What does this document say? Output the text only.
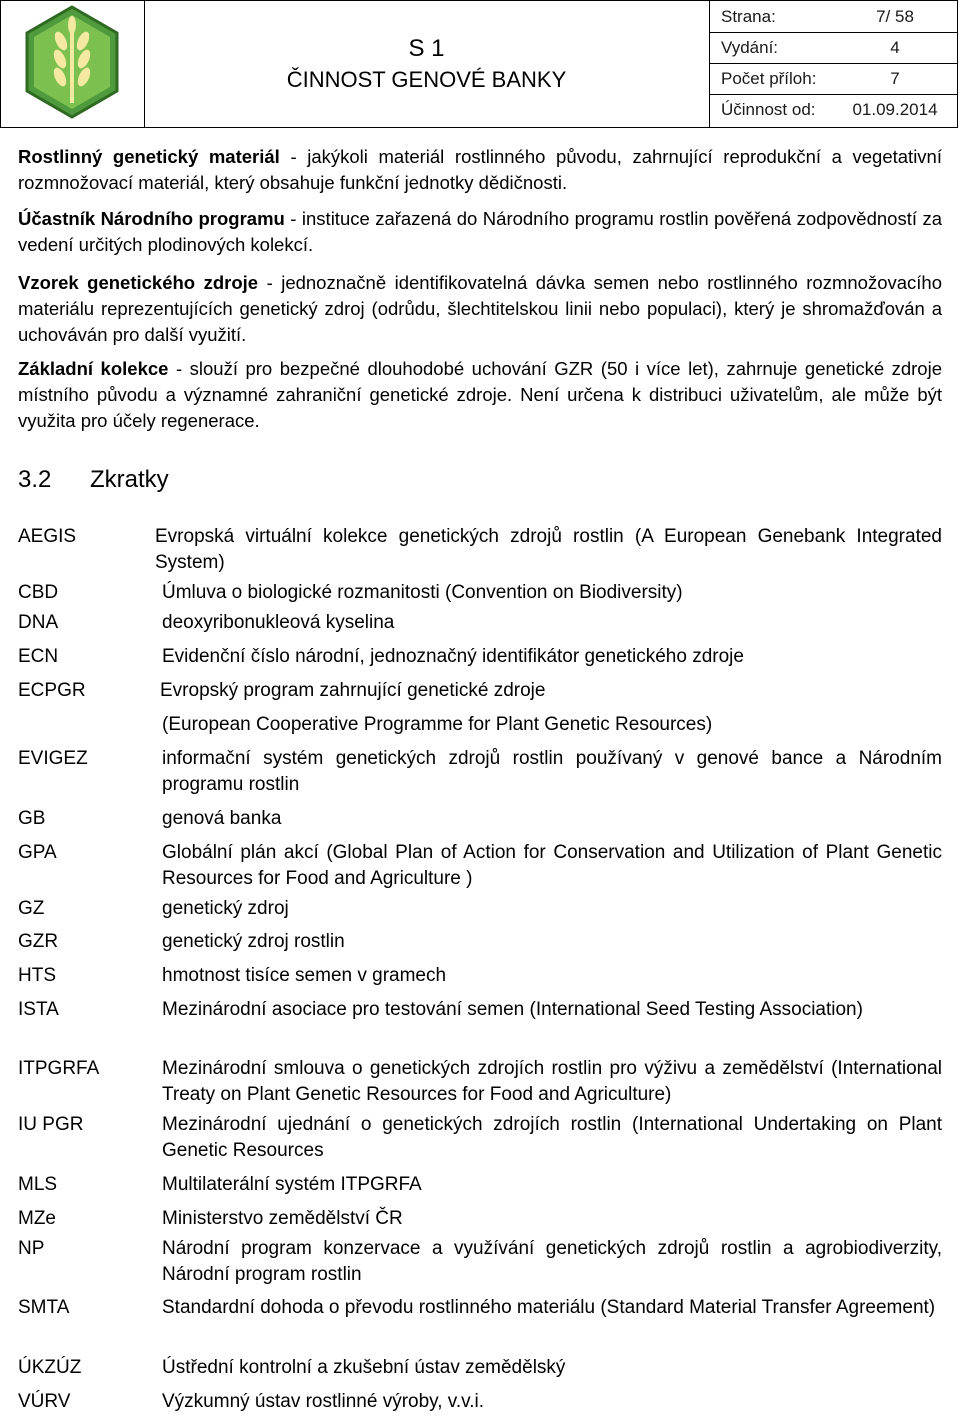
S 1
ČINNOST GENOVÉ BANKY
Strana:	7/ 58
Vydání:	4
Počet příloh:	7
Účinnost od:	01.09.2014
Rostlinný genetický materiál - jakýkoli materiál rostlinného původu, zahrnující reprodukční a vegetativní rozmnožovací materiál, který obsahuje funkční jednotky dědičnosti.
Účastník Národního programu - instituce zařazená do Národního programu rostlin pověřená zodpovědností za vedení určitých plodinových kolekcí.
Vzorek genetického zdroje - jednoznačně identifikovatelná dávka semen nebo rostlinného rozmnožovacího materiálu reprezentujících genetický zdroj (odrůdu, šlechtitelskou linii nebo populaci), který je shromažďován a uchováván pro další využití.
Základní kolekce - slouží pro bezpečné dlouhodobé uchování GZR (50 i více let), zahrnuje genetické zdroje místního původu a významné zahraniční genetické zdroje. Není určena k distribuci uživatelům, ale může být využita pro účely regenerace.
3.2 Zkratky
AEGIS	Evropská virtuální kolekce genetických zdrojů rostlin (A European Genebank Integrated System)
CBD	Úmluva o biologické rozmanitosti (Convention on Biodiversity)
DNA	deoxyribonukleová kyselina
ECN	Evidenční číslo národní, jednoznačný identifikátor genetického zdroje
ECPGR	Evropský program zahrnující genetické zdroje
(European Cooperative Programme for Plant Genetic Resources)
EVIGEZ	informační systém genetických zdrojů rostlin používaný v genové bance a Národním programu rostlin
GB	genová banka
GPA	Globální plán akcí (Global Plan of Action for Conservation and Utilization of Plant Genetic Resources for Food and Agriculture )
GZ	genetický zdroj
GZR	genetický zdroj rostlin
HTS	hmotnost tisíce semen v gramech
ISTA	Mezinárodní asociace pro testování semen (International Seed Testing Association)
ITPGRFA	Mezinárodní smlouva o genetických zdrojích rostlin pro výživu a zemědělství (International Treaty on Plant Genetic Resources for Food and Agriculture)
IU PGR	Mezinárodní ujednání o genetických zdrojích rostlin (International Undertaking on Plant Genetic Resources
MLS	Multilaterální systém ITPGRFA
MZe	Ministerstvo zemědělství ČR
NP	Národní program konzervace a využívání genetických zdrojů rostlin a agrobiodiverzity, Národní program rostlin
SMTA	Standardní dohoda o převodu rostlinného materiálu (Standard Material Transfer Agreement)
ÚKZÚZ	Ústřední kontrolní a zkušební ústav zemědělský
VÚRV	Výzkumný ústav rostlinné výroby, v.v.i.
